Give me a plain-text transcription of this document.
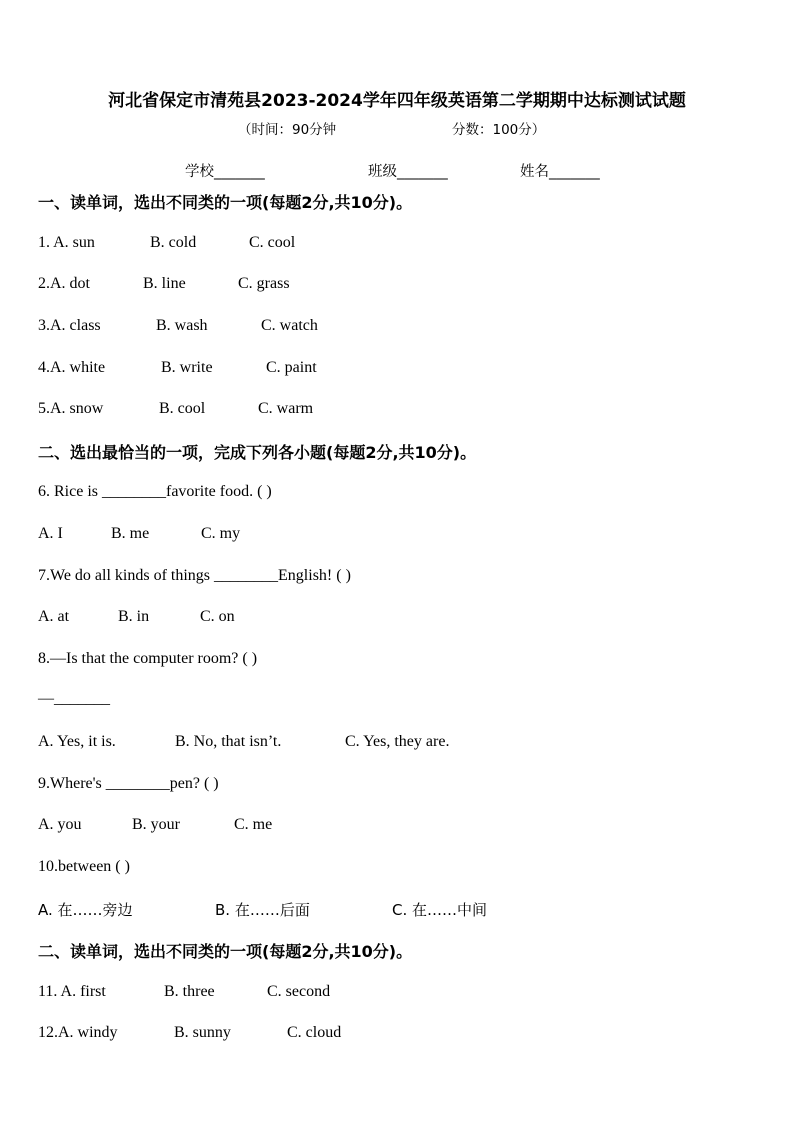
河北省保定市清苑县2023-2024学年四年级英语第二学期期中达标测试试题
（时间：90分钟	分数：100分）
学校_______	班级_______	姓名_______
一、读单词，选出不同类的一项(每题2分,共10分)。
1. A. sun	B. cold	C. cool
2.A. dot	B. line	C. grass
3.A. class	B. wash	C. watch
4.A. white	B. write	C. paint
5.A. snow	B. cool	C. warm
二、选出最恰当的一项，完成下列各小题(每题2分,共10分)。
6. Rice is ________favorite food. ( )
A. I	B. me	C. my
7.We do all kinds of things ________English! ( )
A. at	B. in	C. on
8.—Is that the computer room? ( )
—_______
A. Yes, it is.	B. No, that isn’t.	C. Yes, they are.
9.Where's ________pen? ( )
A. you	B. your	C. me
10.between ( )
A. 在……旁边	B. 在……后面	C. 在……中间
二、读单词，选出不同类的一项(每题2分,共10分)。
11. A. first	B. three	C. second
12.A. windy	B. sunny	C. cloud
